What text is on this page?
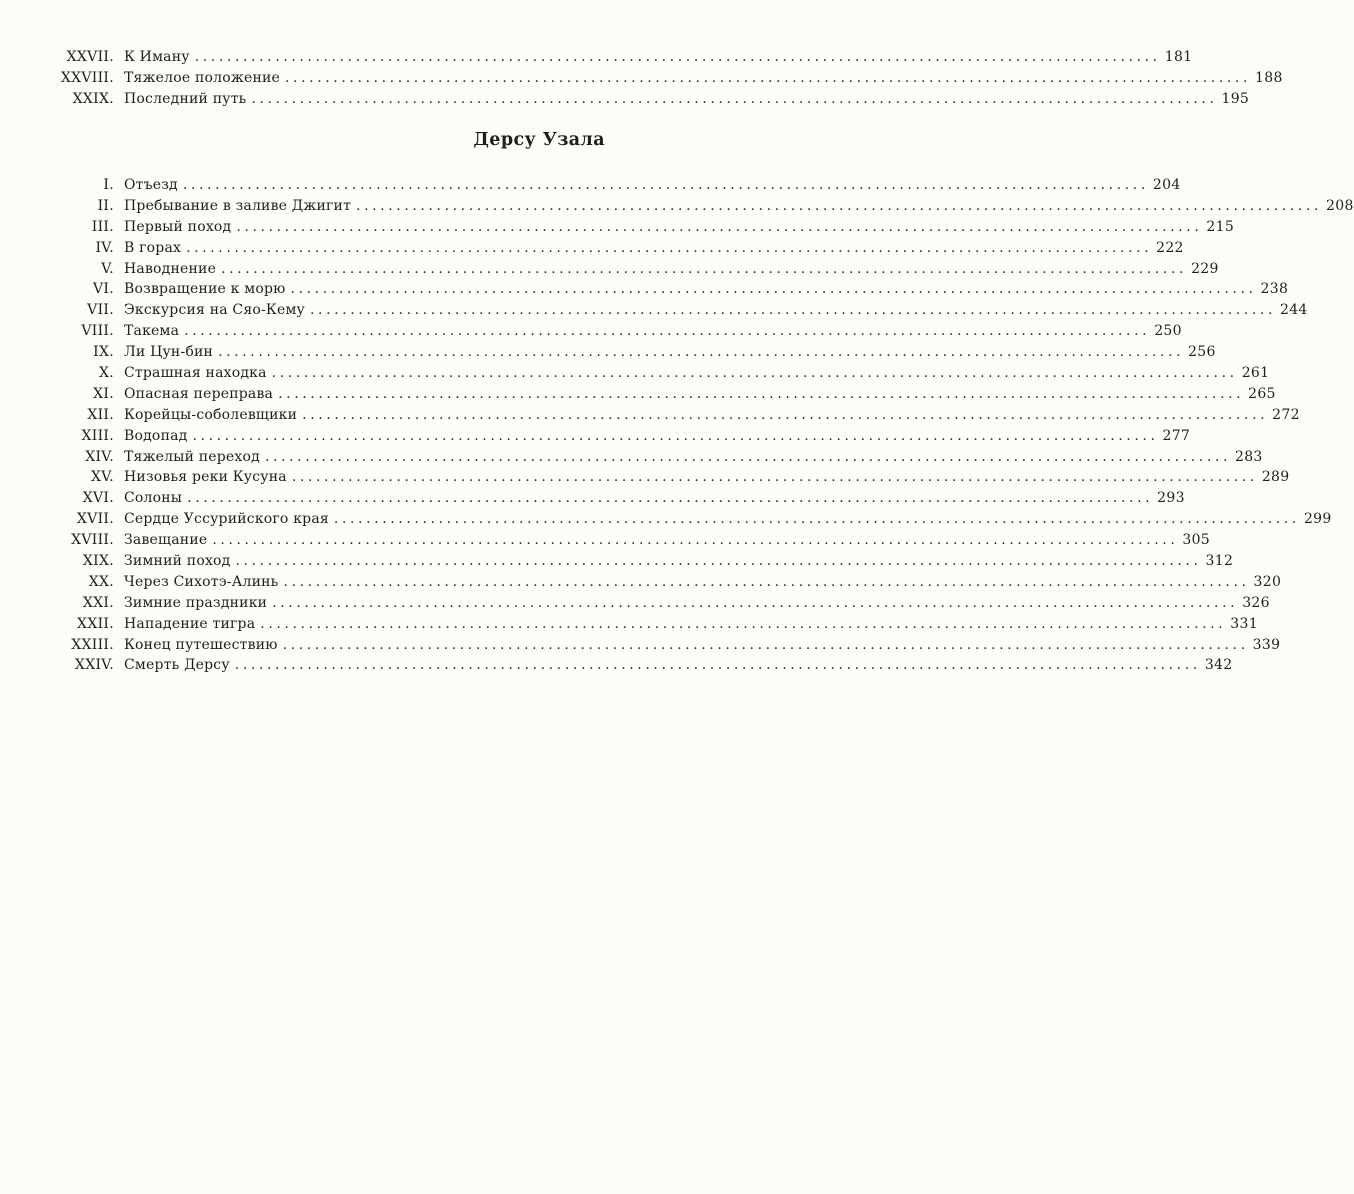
XXVII. К Иману ........................................................................................................................ 181
XXVIII. Тяжелое положение ........................................................................................................................ 188
XXIX. Последний путь ........................................................................................................................ 195
Дерсу Узала
I. Отъезд ........................................................................................................................ 204
II. Пребывание в заливе Джигит ........................................................................................................................ 208
III. Первый поход ........................................................................................................................ 215
IV. В горах ........................................................................................................................ 222
V. Наводнение ........................................................................................................................ 229
VI. Возвращение к морю ........................................................................................................................ 238
VII. Экскурсия на Сяо-Кему ........................................................................................................................ 244
VIII. Такема ........................................................................................................................ 250
IX. Ли Цун-бин ........................................................................................................................ 256
X. Страшная находка ........................................................................................................................ 261
XI. Опасная переправа ........................................................................................................................ 265
XII. Корейцы-соболевщики ........................................................................................................................ 272
XIII. Водопад ........................................................................................................................ 277
XIV. Тяжелый переход ........................................................................................................................ 283
XV. Низовья реки Кусуна ........................................................................................................................ 289
XVI. Солоны ........................................................................................................................ 293
XVII. Сердце Уссурийского края ........................................................................................................................ 299
XVIII. Завещание ........................................................................................................................ 305
XIX. Зимний поход ........................................................................................................................ 312
XX. Через Сихотэ-Алинь ........................................................................................................................ 320
XXI. Зимние праздники ........................................................................................................................ 326
XXII. Нападение тигра ........................................................................................................................ 331
XXIII. Конец путешествию ........................................................................................................................ 339
XXIV. Смерть Дерсу ........................................................................................................................ 342
